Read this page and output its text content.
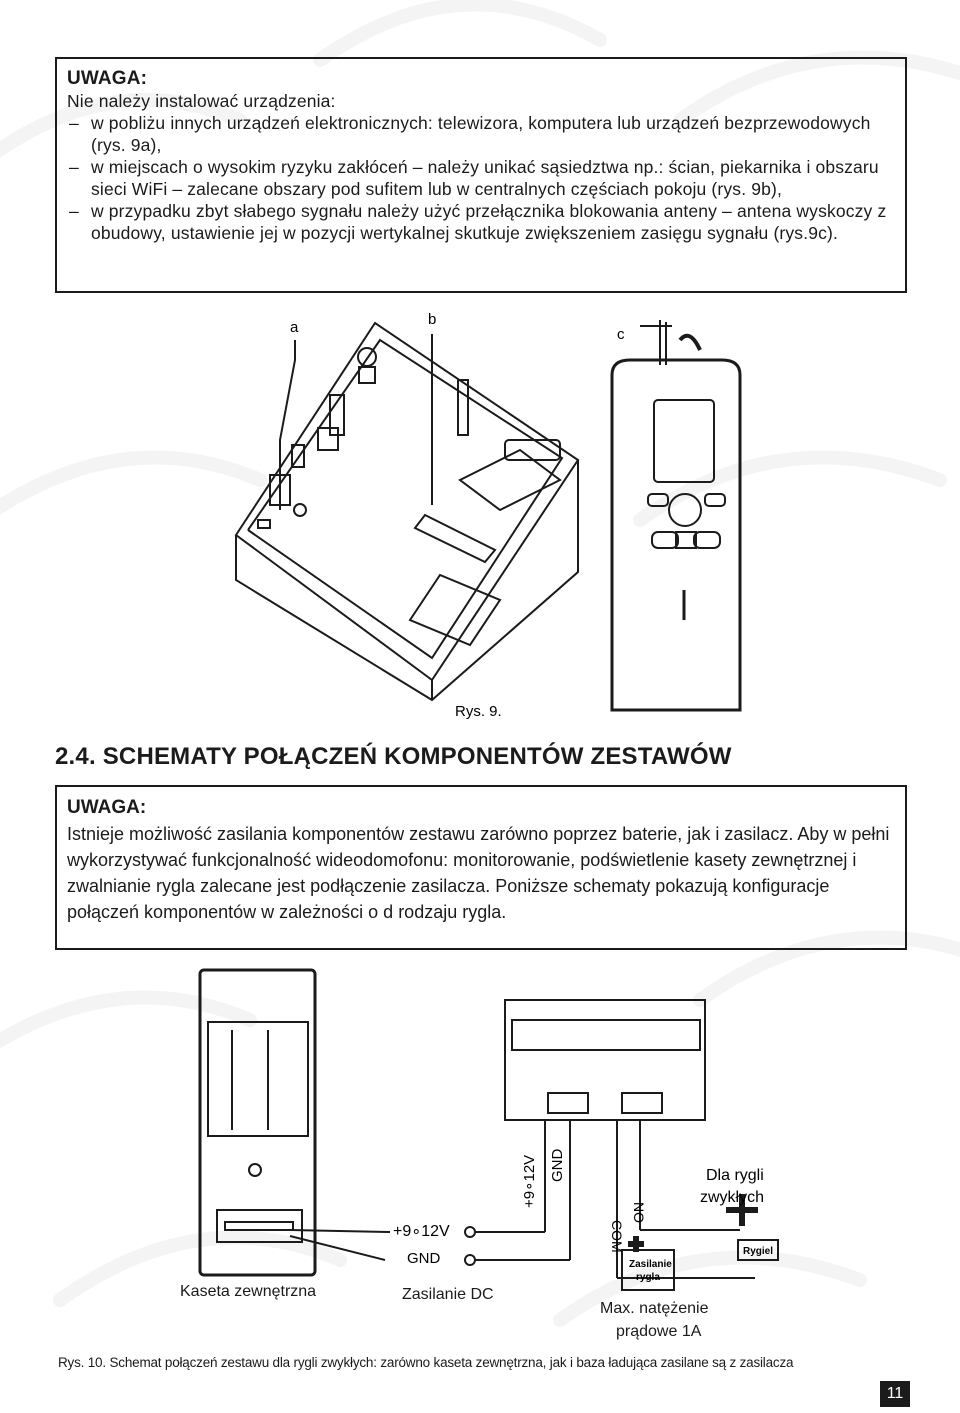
UWAGA:

Nie należy instalować urządzenia:

– w pobliżu innych urządzeń elektronicznych: telewizora, komputera lub urządzeń bezprzewodowych (rys. 9a),
– w miejscach o wysokim ryzyku zakłóceń – należy unikać sąsiedztwa np.: ścian, piekarnika i obszaru sieci WiFi – zalecane obszary pod sufitem lub w centralnych częściach pokoju (rys. 9b),
– w przypadku zbyt słabego sygnału należy użyć przełącznika blokowania anteny – antena wyskoczy z obudowy, ustawienie jej w pozycji wertykalnej skutkuje zwiększeniem zasięgu sygnału (rys.9c).
a	b
c
Rys. 9.
2.4. SCHEMATY POŁĄCZEŃ KOMPONENTÓW ZESTAWÓW

UWAGA:

Istnieje możliwość zasilania komponentów zestawu zarówno poprzez baterie, jak i zasilacz. Aby w pełni wykorzystywać funkcjonalność wideodomofonu: monitorowanie, podświetlenie kasety zewnętrznej i zwalnianie rygla zalecane jest podłączenie zasilacza. Poniższe schematy pokazują konfiguracje połączeń komponentów w zależności o d rodzaju rygla.

+9∘12V
GND
+9∘12V GND
COM
NO
Dla rygli
zwykłych
Zasilanie
rygla
Rygiel
Kaseta zewnętrzna	Zasilanie DC
Max. natężenie
prądowe 1A
Rys. 10. Schemat połączeń zestawu dla rygli zwykłych: zarówno kaseta zewnętrzna, jak i baza ładująca zasilane są z zasilacza
11
